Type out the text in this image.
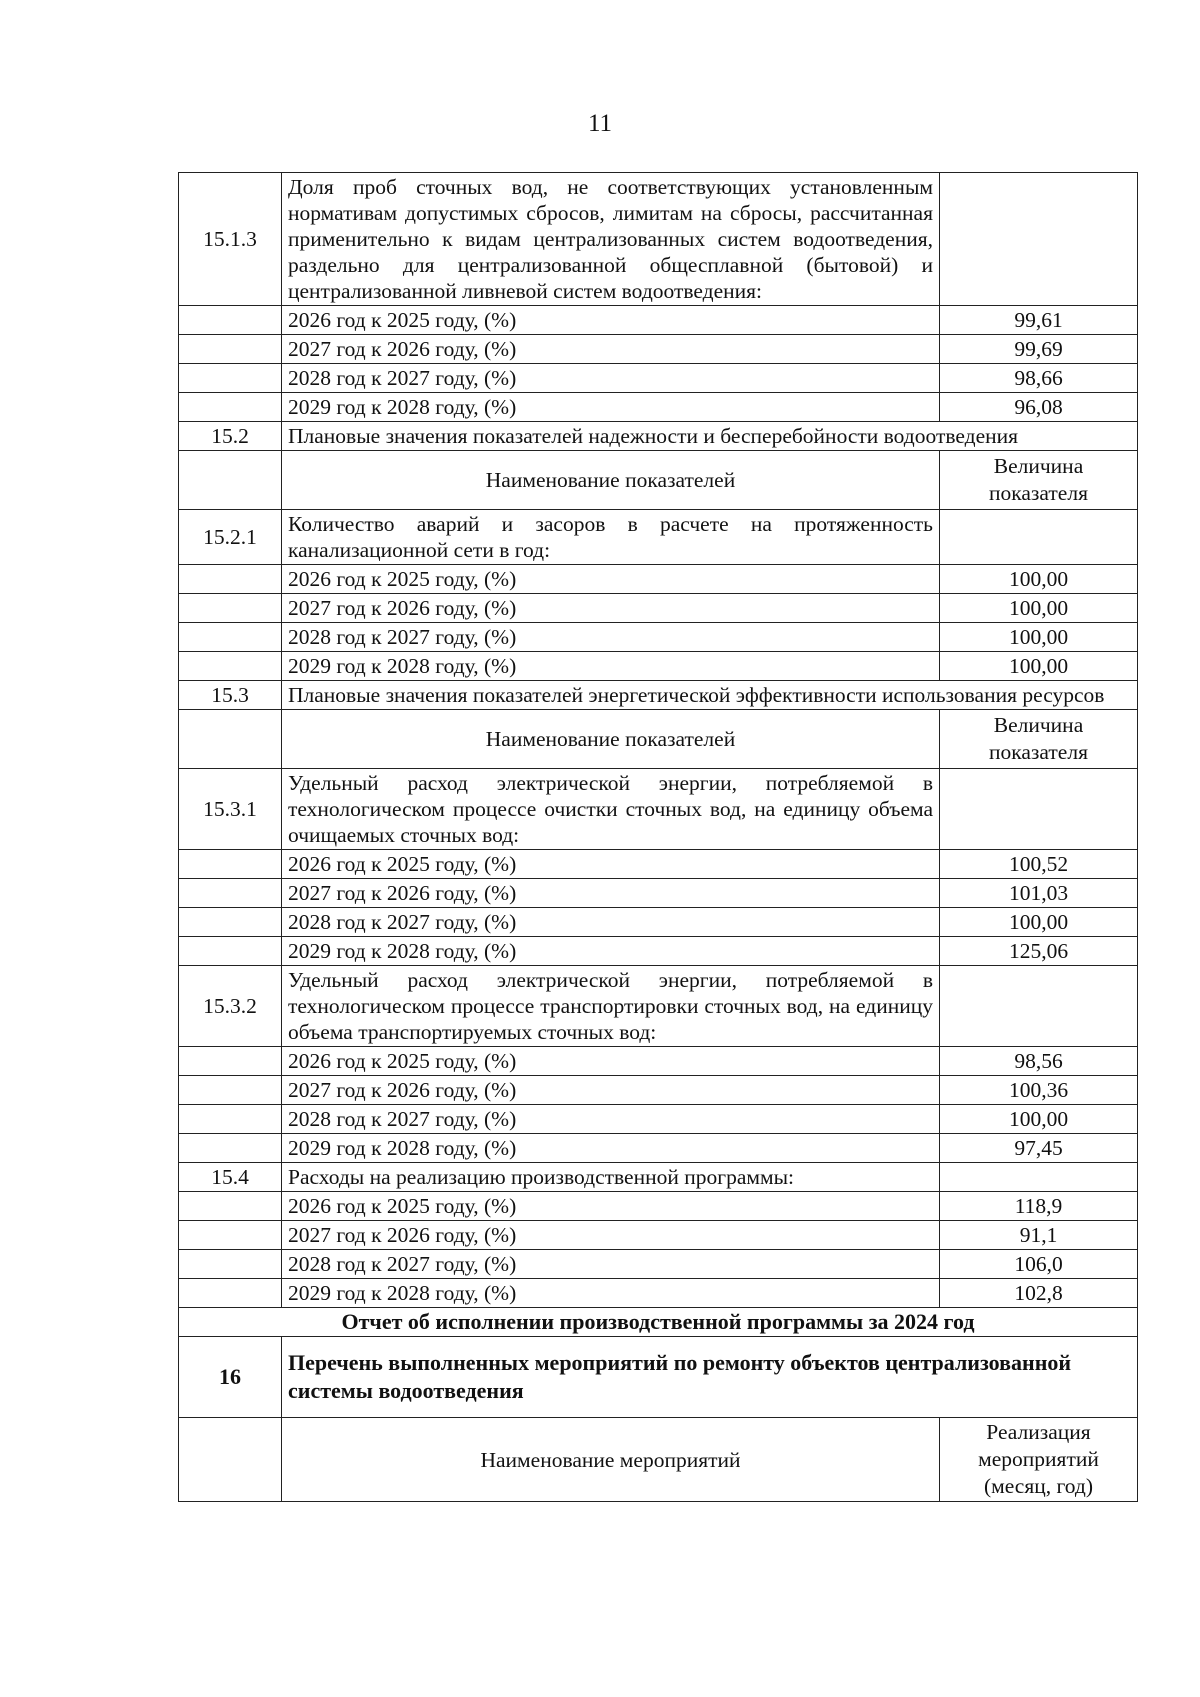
11
15.1.3	Доля проб сточных вод, не соответствующих установленным нормативам допустимых сбросов, лимитам на сбросы, рассчитанная применительно к видам централизованных систем водоотведения, раздельно для централизованной общесплавной (бытовой) и централизованной ливневой систем водоотведения:	
	2026 год к 2025 году, (%)	99,61
	2027 год к 2026 году, (%)	99,69
	2028 год к 2027 году, (%)	98,66
	2029 год к 2028 году, (%)	96,08
15.2	Плановые значения показателей надежности и бесперебойности водоотведения	
	Наименование показателей	Величина показателя
15.2.1	Количество аварий и засоров в расчете на протяженность канализационной сети в год:	
	2026 год к 2025 году, (%)	100,00
	2027 год к 2026 году, (%)	100,00
	2028 год к 2027 году, (%)	100,00
	2029 год к 2028 году, (%)	100,00
15.3	Плановые значения показателей энергетической эффективности использования ресурсов	
	Наименование показателей	Величина показателя
15.3.1	Удельный расход электрической энергии, потребляемой в технологическом процессе очистки сточных вод, на единицу объема очищаемых сточных вод:	
	2026 год к 2025 году, (%)	100,52
	2027 год к 2026 году, (%)	101,03
	2028 год к 2027 году, (%)	100,00
	2029 год к 2028 году, (%)	125,06
15.3.2	Удельный расход электрической энергии, потребляемой в технологическом процессе транспортировки сточных вод, на единицу объема транспортируемых сточных вод:	
	2026 год к 2025 году, (%)	98,56
	2027 год к 2026 году, (%)	100,36
	2028 год к 2027 году, (%)	100,00
	2029 год к 2028 году, (%)	97,45
15.4	Расходы на реализацию производственной программы:	
	2026 год к 2025 году, (%)	118,9
	2027 год к 2026 году, (%)	91,1
	2028 год к 2027 году, (%)	106,0
	2029 год к 2028 году, (%)	102,8
Отчет об исполнении производственной программы за 2024 год		
16	Перечень выполненных мероприятий по ремонту объектов централизованной системы водоотведения	
	Наименование мероприятий	Реализация мероприятий (месяц, год)
